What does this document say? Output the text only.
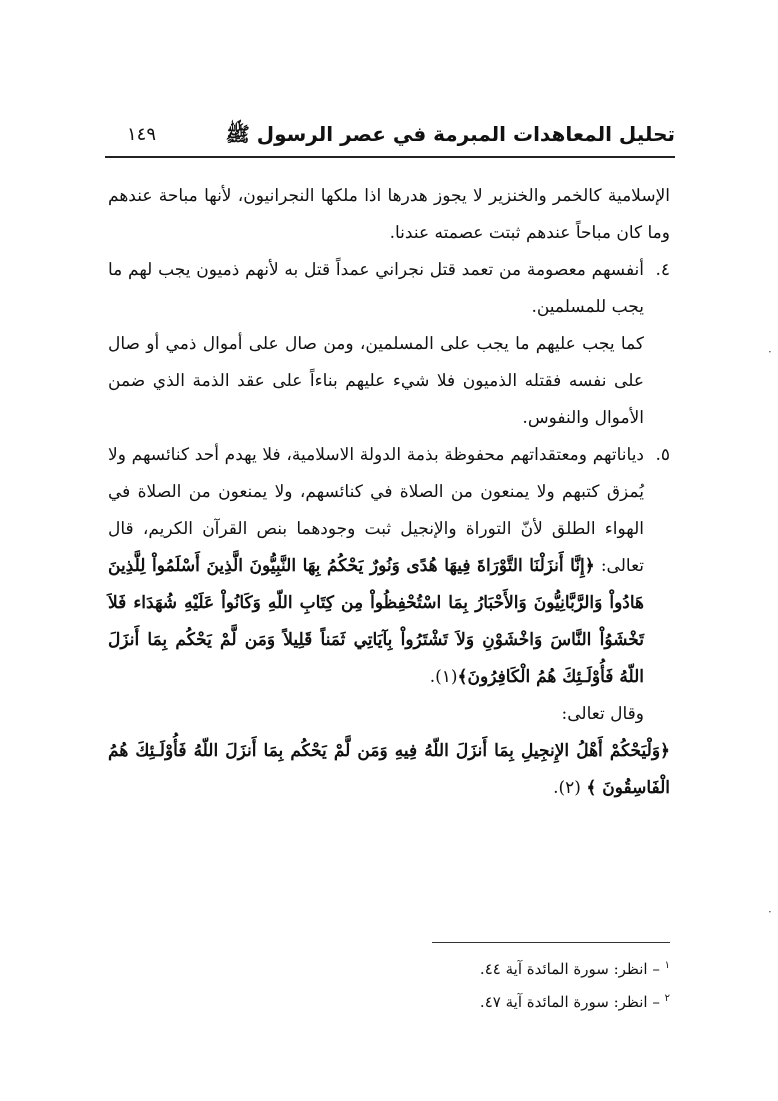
تحليل المعاهدات المبرمة في عصر الرسول ﷺ
١٤٩

الإسلامية كالخمر والخنزير لا يجوز هدرها اذا ملكها النجرانيون، لأنها مباحة عندهم وما كان مباحاً عندهم ثبتت عصمته عندنا.

٤.
أنفسهم معصومة من تعمد قتل نجراني عمداً قتل به لأنهم ذميون يجب لهم ما يجب للمسلمين.

كما يجب عليهم ما يجب على المسلمين، ومن صال على أموال ذمي أو صال على نفسه فقتله الذميون فلا شيء عليهم بناءاً على عقد الذمة الذي ضمن الأموال والنفوس.

٥.
دياناتهم ومعتقداتهم محفوظة بذمة الدولة الاسلامية، فلا يهدم أحد كنائسهم ولا يُمزق كتبهم ولا يمنعون من الصلاة في كنائسهم، ولا يمنعون من الصلاة في الهواء الطلق لأنّ التوراة والإنجيل ثبت وجودهما بنص القرآن الكريم، قال تعالى: ﴿إِنَّا أَنزَلْنَا التَّوْرَاةَ فِيهَا هُدًى وَنُورٌ يَحْكُمُ بِهَا النَّبِيُّونَ الَّذِينَ أَسْلَمُواْ لِلَّذِينَ هَادُواْ وَالرَّبَّانِيُّونَ وَالأَحْبَارُ بِمَا اسْتُحْفِظُواْ مِن كِتَابِ اللّهِ وَكَانُواْ عَلَيْهِ شُهَدَاء فَلاَ تَخْشَوُاْ النَّاسَ وَاخْشَوْنِ وَلاَ تَشْتَرُواْ بِآيَاتِي ثَمَناً قَلِيلاً وَمَن لَّمْ يَحْكُم بِمَا أَنزَلَ اللّهُ فَأُوْلَـئِكَ هُمُ الْكَافِرُونَ﴾(١).

وقال تعالى:

﴿وَلْيَحْكُمْ أَهْلُ الإِنجِيلِ بِمَا أَنزَلَ اللّهُ فِيهِ وَمَن لَّمْ يَحْكُم بِمَا أَنزَلَ اللّهُ فَأُوْلَـئِكَ هُمُ الْفَاسِقُونَ ﴾ (٢).

$^١$ – انظر: سورة المائدة آية ٤٤.
$^٢$ – انظر: سورة المائدة آية ٤٧.
·
·
